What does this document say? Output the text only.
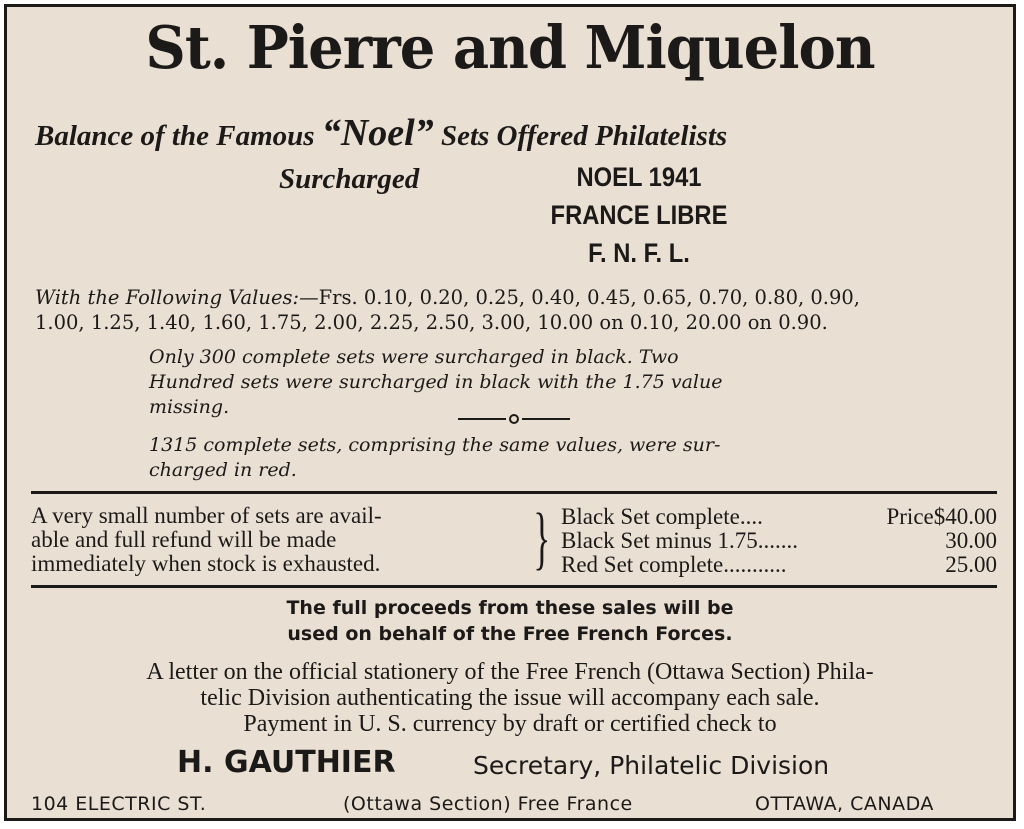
St. Pierre and Miquelon
Balance of the Famous “Noel” Sets Offered Philatelists
Surcharged	NOEL 1941
FRANCE LIBRE
F. N. F. L.
With the Following Values:—Frs. 0.10, 0.20, 0.25, 0.40, 0.45, 0.65, 0.70, 0.80, 0.90,
1.00, 1.25, 1.40, 1.60, 1.75, 2.00, 2.25, 2.50, 3.00, 10.00 on 0.10, 20.00 on 0.90.
Only 300 complete sets were surcharged in black. Two
Hundred sets were surcharged in black with the 1.75 value
missing.
1315 complete sets, comprising the same values, were sur-
charged in red.
A very small number of sets are avail-
able and full refund will be made
immediately when stock is exhausted. } Black Set complete ....	Price $40.00
Black Set minus 1.75 .......	30.00
Red Set complete ...........	25.00
The full proceeds from these sales will be
used on behalf of the Free French Forces.
A letter on the official stationery of the Free French (Ottawa Section) Phila-
telic Division authenticating the issue will accompany each sale.
Payment in U. S. currency by draft or certified check to
H. GAUTHIER	Secretary, Philatelic Division
104 ELECTRIC ST.	(Ottawa Section) Free France	OTTAWA, CANADA
